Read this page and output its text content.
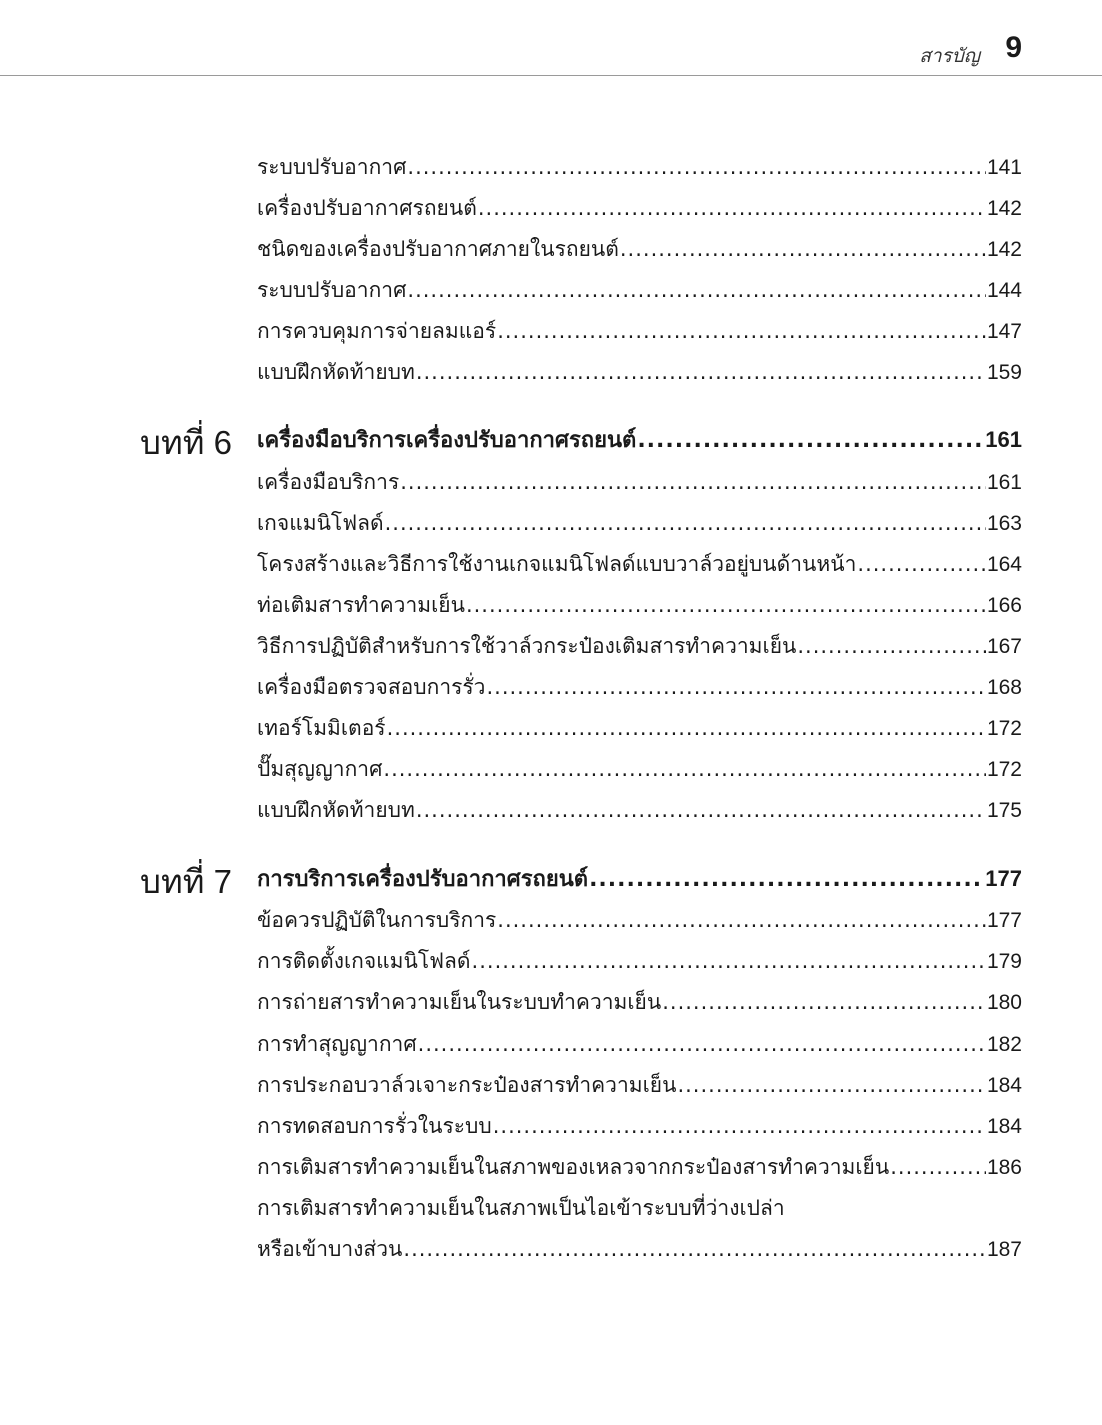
สารบัญ 9
ระบบปรับอากาศ .....	141
เครื่องปรับอากาศรถยนต์ .....	142
ชนิดของเครื่องปรับอากาศภายในรถยนต์ .....	142
ระบบปรับอากาศ .....	144
การควบคุมการจ่ายลมแอร์ .....	147
แบบฝึกหัดท้ายบท .....	159
บทที่ 6 เครื่องมือบริการเครื่องปรับอากาศรถยนต์ .....	161
เครื่องมือบริการ .....	161
เกจแมนิโฟลด์ .....	163
โครงสร้างและวิธีการใช้งานเกจแมนิโฟลด์แบบวาล์วอยู่บนด้านหน้า .....	164
ท่อเติมสารทำความเย็น .....	166
วิธีการปฏิบัติสำหรับการใช้วาล์วกระป๋องเติมสารทำความเย็น .....	167
เครื่องมือตรวจสอบการรั่ว .....	168
เทอร์โมมิเตอร์ .....	172
ปั๊มสุญญากาศ .....	172
แบบฝึกหัดท้ายบท .....	175
บทที่ 7 การบริการเครื่องปรับอากาศรถยนต์ .....	177
ข้อควรปฏิบัติในการบริการ .....	177
การติดตั้งเกจแมนิโฟลด์ .....	179
การถ่ายสารทำความเย็นในระบบทำความเย็น .....	180
การทำสุญญากาศ .....	182
การประกอบวาล์วเจาะกระป๋องสารทำความเย็น .....	184
การทดสอบการรั่วในระบบ .....	184
การเติมสารทำความเย็นในสภาพของเหลวจากกระป๋องสารทำความเย็น .....	186
การเติมสารทำความเย็นในสภาพเป็นไอเข้าระบบที่ว่างเปล่า
หรือเข้าบางส่วน .....	187
